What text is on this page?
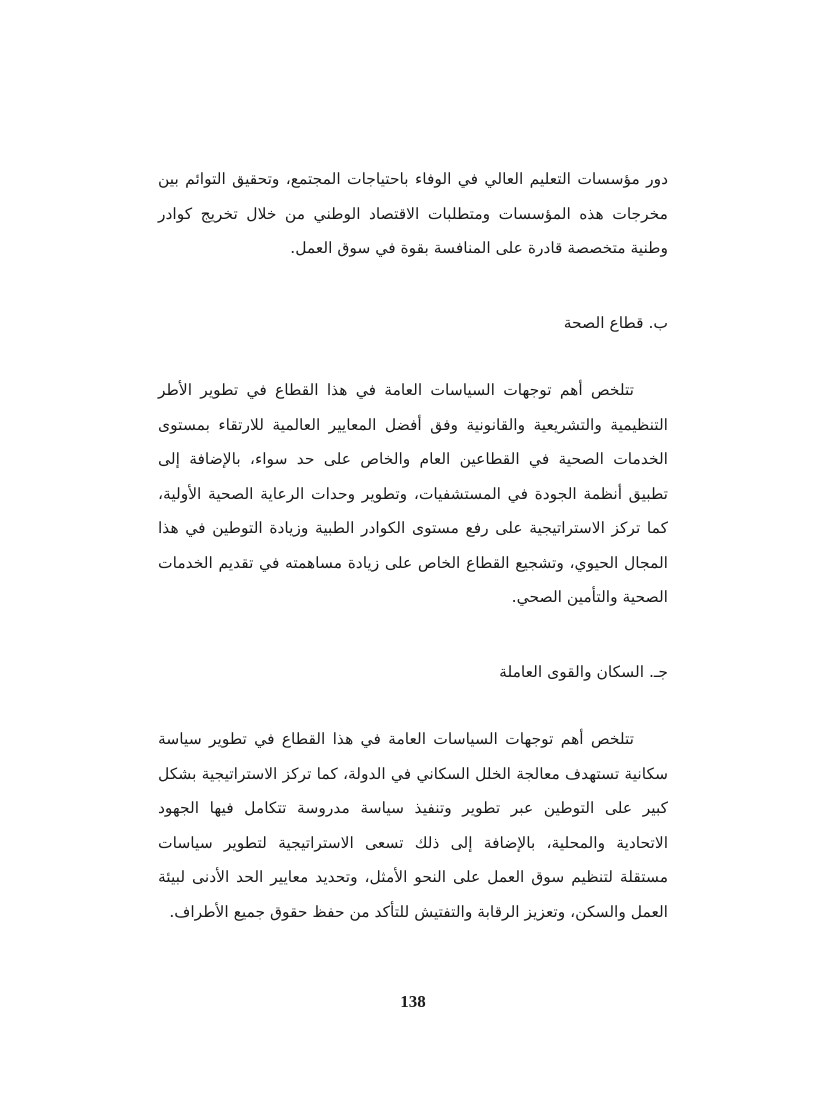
دور مؤسسات التعليم العالي في الوفاء باحتياجات المجتمع، وتحقيق التوائم بين مخرجات هذه المؤسسات ومتطلبات الاقتصاد الوطني من خلال تخريج كوادر وطنية متخصصة قادرة على المنافسة بقوة في سوق العمل.

ب. قطاع الصحة

تتلخص أهم توجهات السياسات العامة في هذا القطاع في تطوير الأطر التنظيمية والتشريعية والقانونية وفق أفضل المعايير العالمية للارتقاء بمستوى الخدمات الصحية في القطاعين العام والخاص على حد سواء، بالإضافة إلى تطبيق أنظمة الجودة في المستشفيات، وتطوير وحدات الرعاية الصحية الأولية، كما تركز الاستراتيجية على رفع مستوى الكوادر الطبية وزيادة التوطين في هذا المجال الحيوي، وتشجيع القطاع الخاص على زيادة مساهمته في تقديم الخدمات الصحية والتأمين الصحي.

جـ. السكان والقوى العاملة

تتلخص أهم توجهات السياسات العامة في هذا القطاع في تطوير سياسة سكانية تستهدف معالجة الخلل السكاني في الدولة، كما تركز الاستراتيجية بشكل كبير على التوطين عبر تطوير وتنفيذ سياسة مدروسة تتكامل فيها الجهود الاتحادية والمحلية، بالإضافة إلى ذلك تسعى الاستراتيجية لتطوير سياسات مستقلة لتنظيم سوق العمل على النحو الأمثل، وتحديد معايير الحد الأدنى لبيئة العمل والسكن، وتعزيز الرقابة والتفتيش للتأكد من حفظ حقوق جميع الأطراف.

138
